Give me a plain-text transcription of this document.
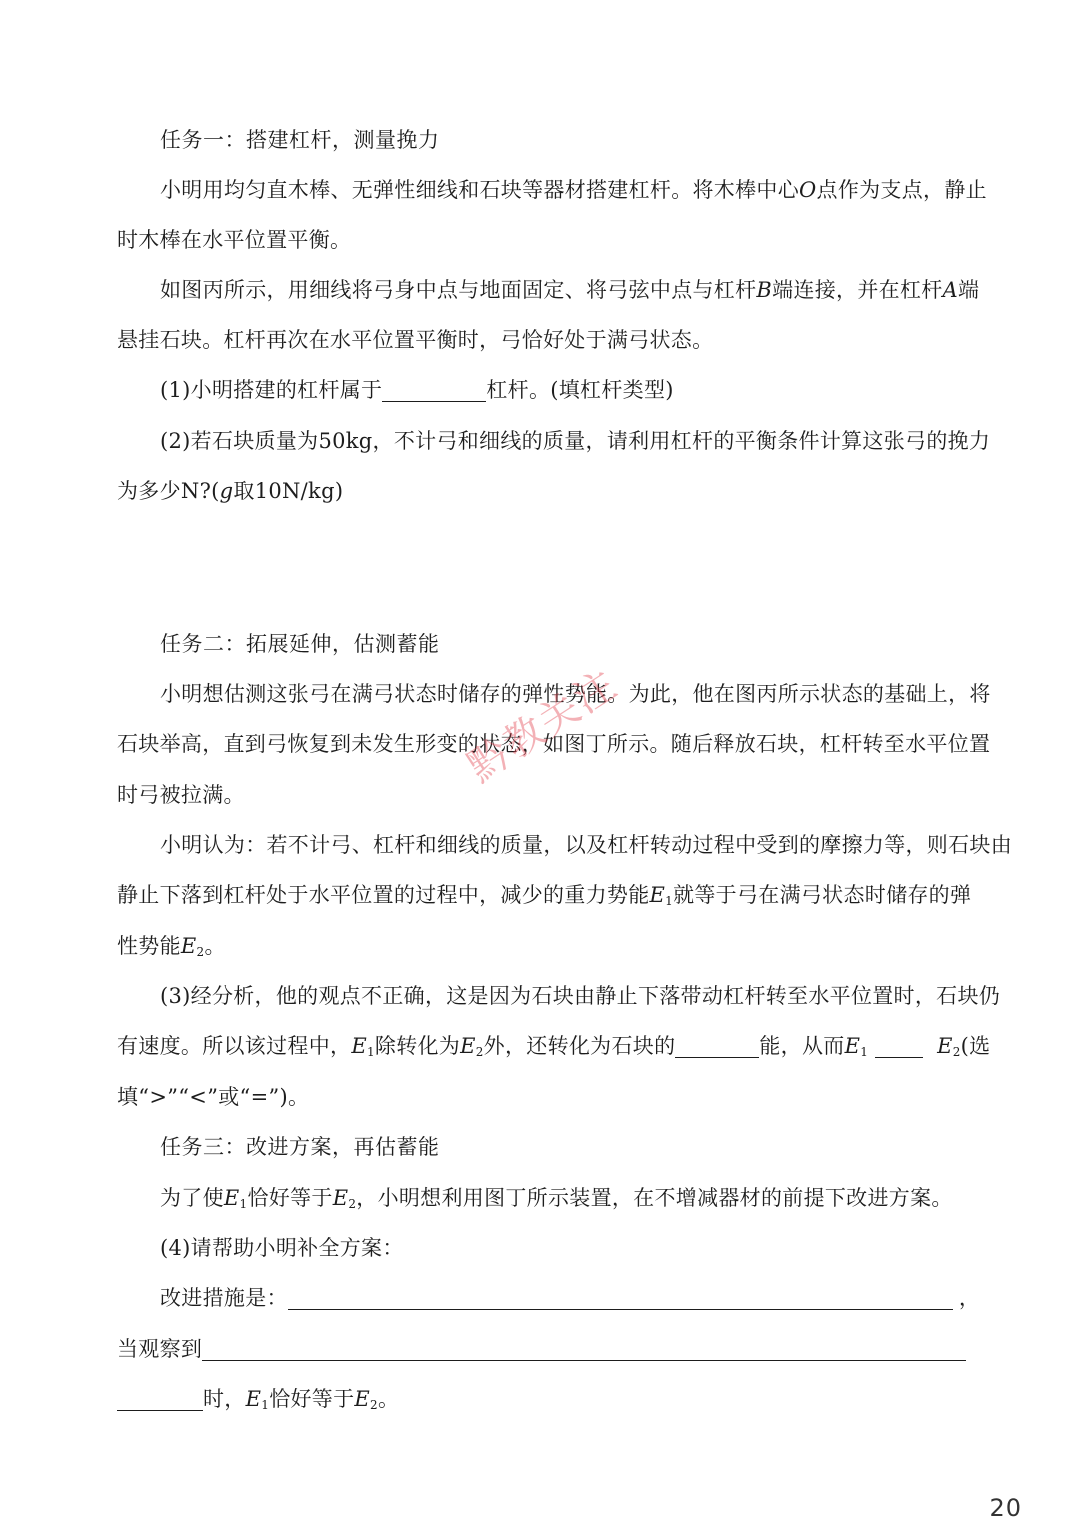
任务一：搭建杠杆，测量挽力
小明用均匀直木棒、无弹性细线和石块等器材搭建杠杆。将木棒中心O点作为支点，静止
时木棒在水平位置平衡。
如图丙所示，用细线将弓身中点与地面固定、将弓弦中点与杠杆B端连接，并在杠杆A端
悬挂石块。杠杆再次在水平位置平衡时，弓恰好处于满弓状态。
(1)小明搭建的杠杆属于	杠杆。(填杠杆类型)
(2)若石块质量为50kg，不计弓和细线的质量，请利用杠杆的平衡条件计算这张弓的挽力
为多少N?(g取10N/kg)
任务二：拓展延伸，估测蓄能
小明想估测这张弓在满弓状态时储存的弹性势能。为此，他在图丙所示状态的基础上，将
石块举高，直到弓恢复到未发生形变的状态，如图丁所示。随后释放石块，杠杆转至水平位置
时弓被拉满。
小明认为：若不计弓、杠杆和细线的质量，以及杠杆转动过程中受到的摩擦力等，则石块由
静止下落到杠杆处于水平位置的过程中，减少的重力势能$E_1$就等于弓在满弓状态时储存的弹
性势能$E_2$。
(3)经分析，他的观点不正确，这是因为石块由静止下落带动杠杆转至水平位置时，石块仍
有速度。所以该过程中，$E_1$除转化为$E_2$外，还转化为石块的	能，从而$E_1$	$E_2$(选
填“>”“<”或“=”)。
任务三：改进方案，再估蓄能
为了使$E_1$恰好等于$E_2$，小明想利用图丁所示装置，在不增减器材的前提下改进方案。
(4)请帮助小明补全方案：
改进措施是：	，
当观察到
时，$E_1$恰好等于$E_2$。
黔教关注
20
